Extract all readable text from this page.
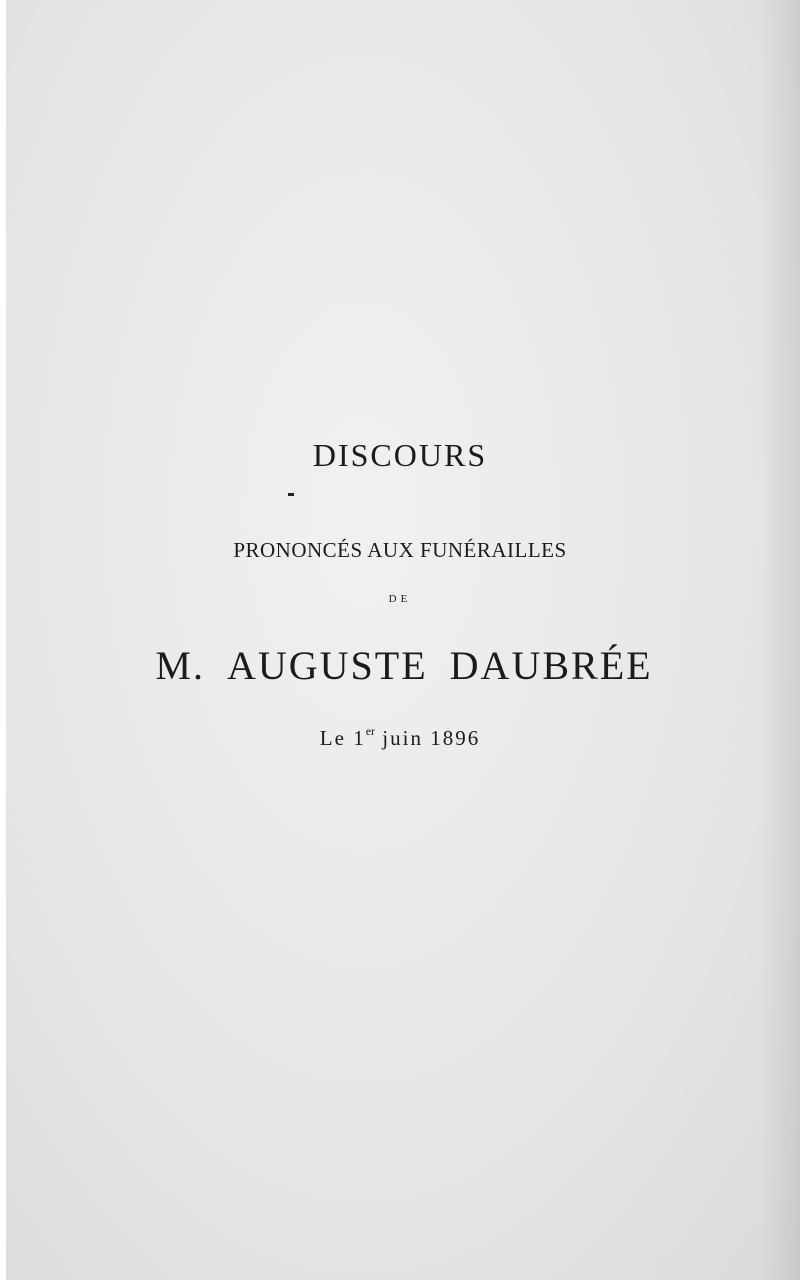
DISCOURS
PRONONCÉS AUX FUNÉRAILLES
DE
M. AUGUSTE DAUBRÉE
Le 1er juin 1896
